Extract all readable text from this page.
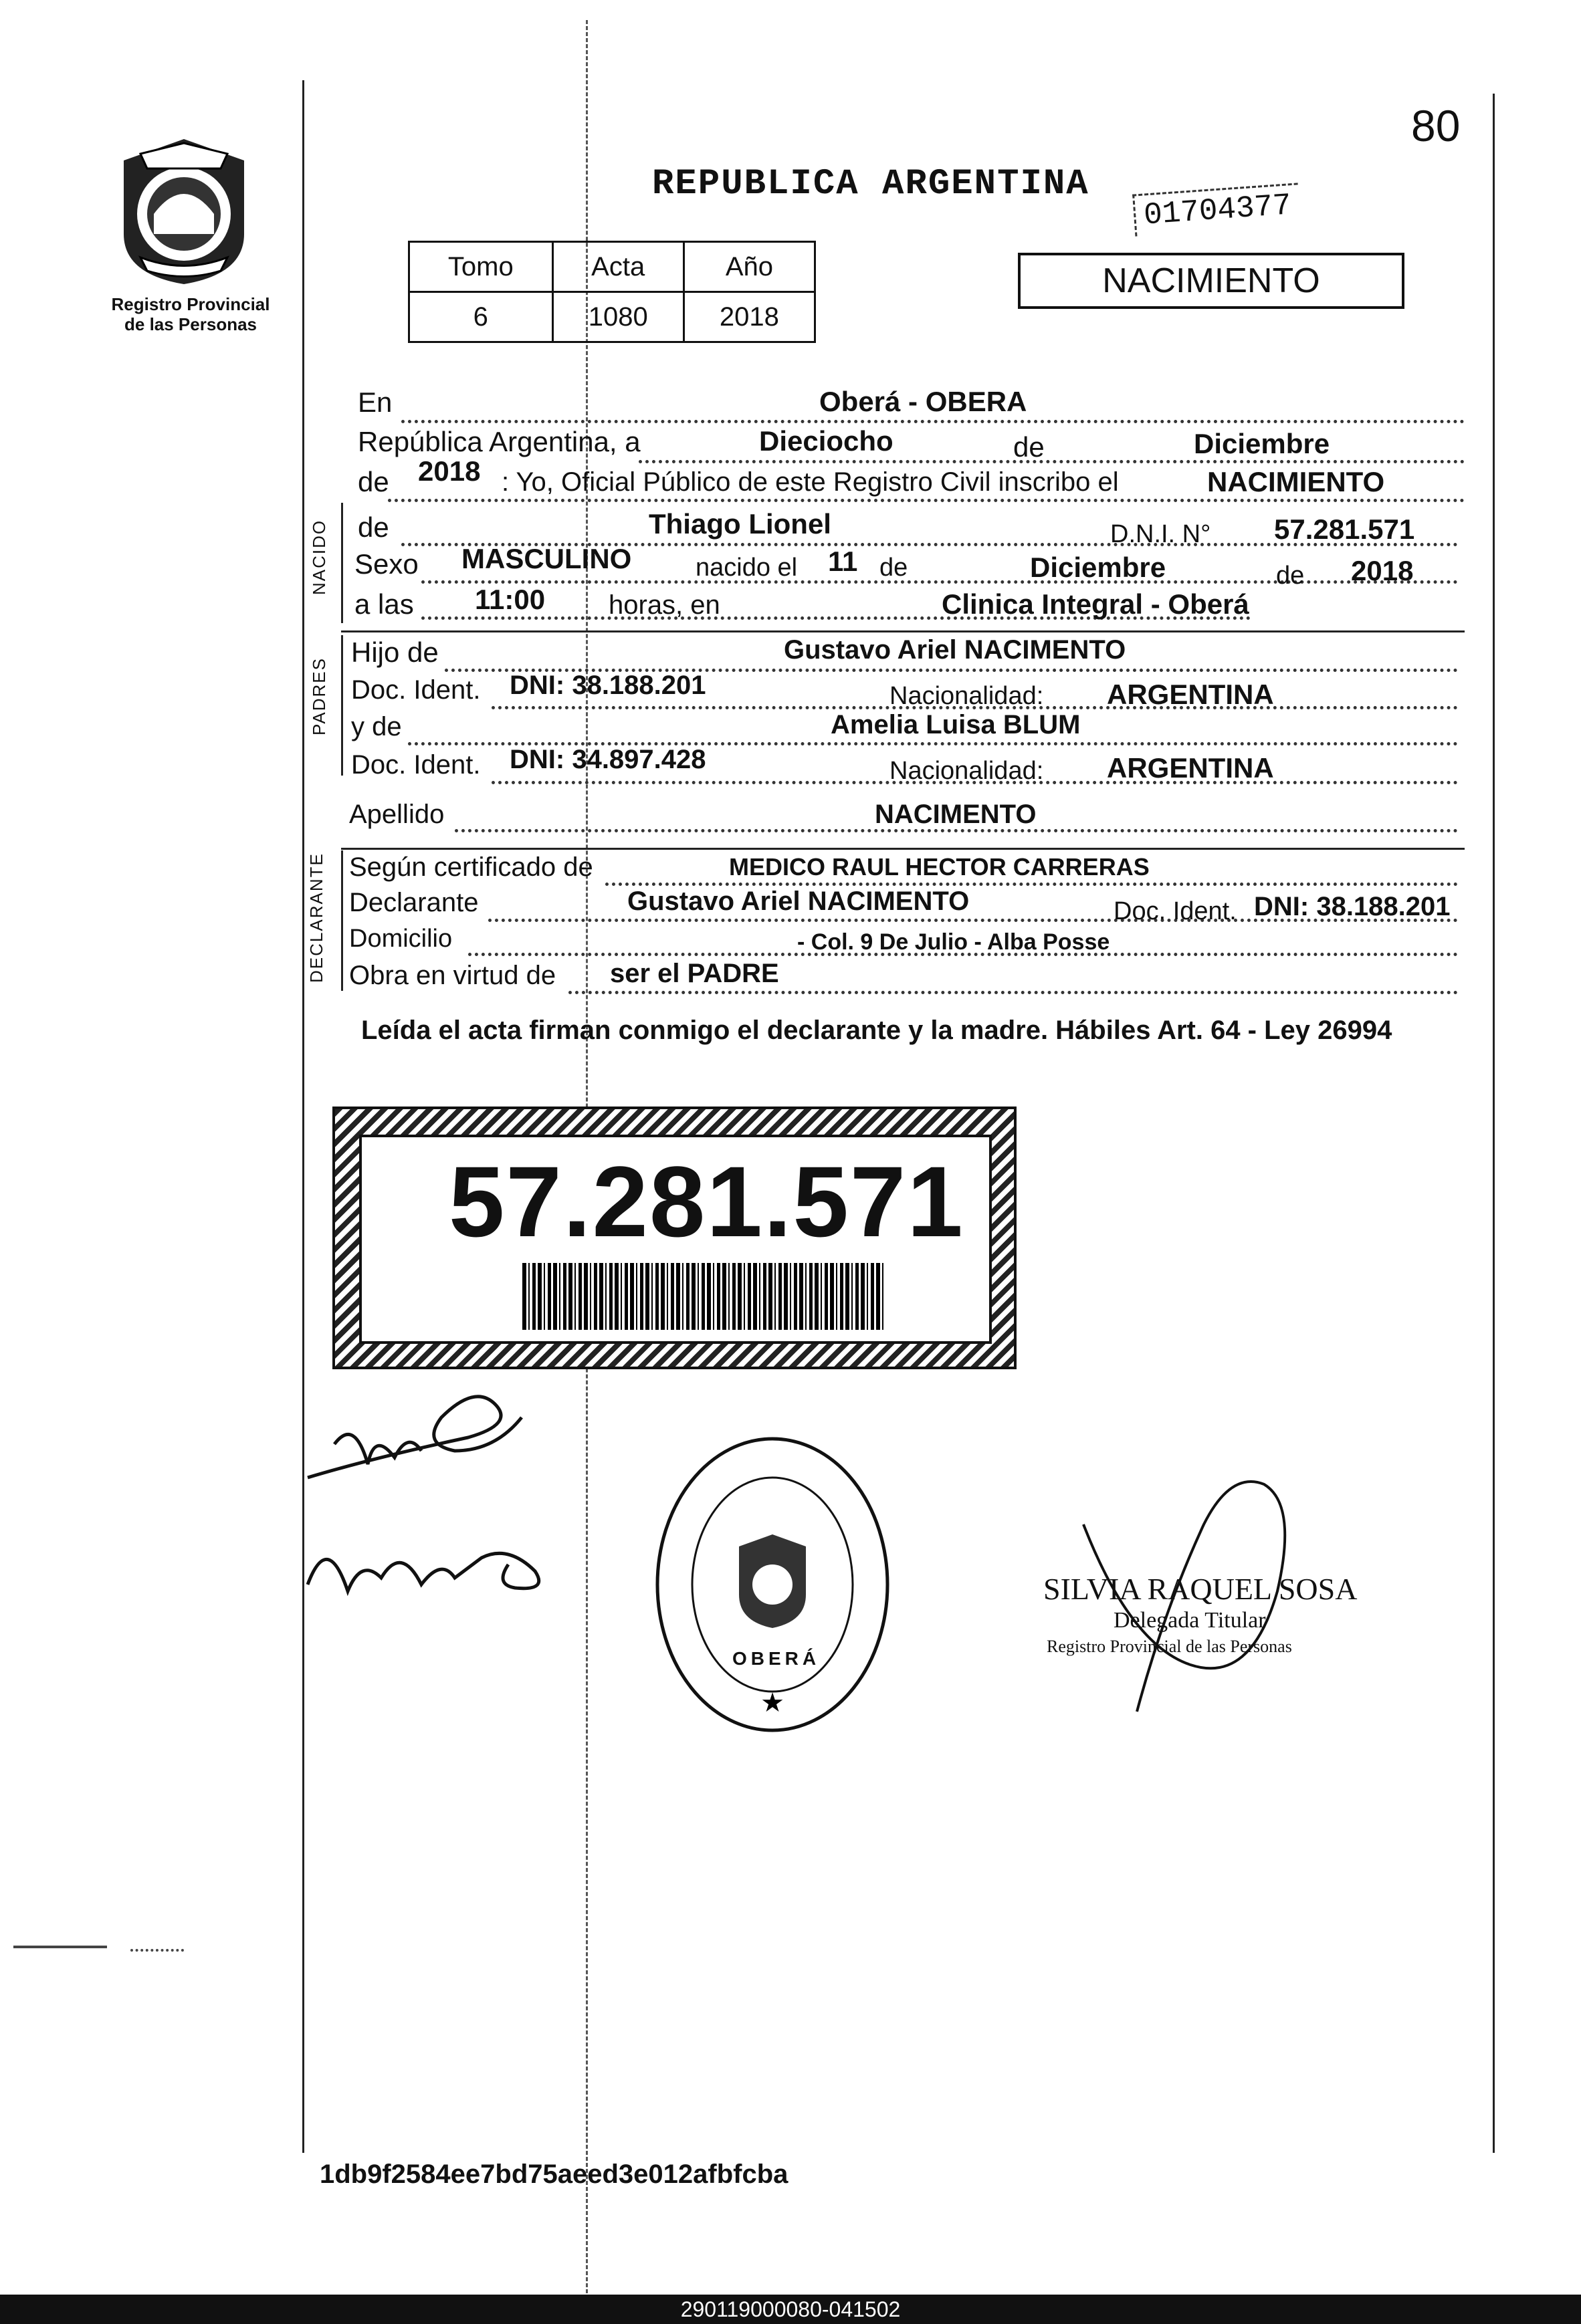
80
Registro Provincial
de las Personas
REPUBLICA ARGENTINA
01704377
Tomo	Acta	Año
6	1080	2018
NACIMIENTO
En	Oberá - OBERA
República Argentina, a	Dieciocho	de	Diciembre
de 2018 : Yo, Oficial Público de este Registro Civil inscribo el	NACIMIENTO
NACIDO de	Thiago Lionel	D.N.I. N° 57.281.571
Sexo MASCULINO	nacido el 11 de	Diciembre	de 2018
a las 11:00 horas, en	Clinica Integral - Oberá
PADRES
Hijo de	Gustavo Ariel NACIMENTO
Doc. Ident. DNI: 38.188.201	Nacionalidad: ARGENTINA
y de	Amelia Luisa BLUM
Doc. Ident. DNI: 34.897.428	Nacionalidad: ARGENTINA
Apellido	NACIMENTO
DECLARANTE Según certificado de	MEDICO RAUL HECTOR CARRERAS
Declarante	Gustavo Ariel NACIMENTO	Doc. Ident. DNI: 38.188.201
Domicilio	- Col. 9 De Julio - Alba Posse
Obra en virtud de ser el PADRE
Leída el acta firman conmigo el declarante y la madre. Hábiles Art. 64 - Ley 26994
57.281.571
★
OBERÁ
SILVIA RAQUEL SOSA
Delegada Titular
Registro Provincial de las Personas
1db9f2584ee7bd75aeed3e012afbfcba
290119000080-041502
